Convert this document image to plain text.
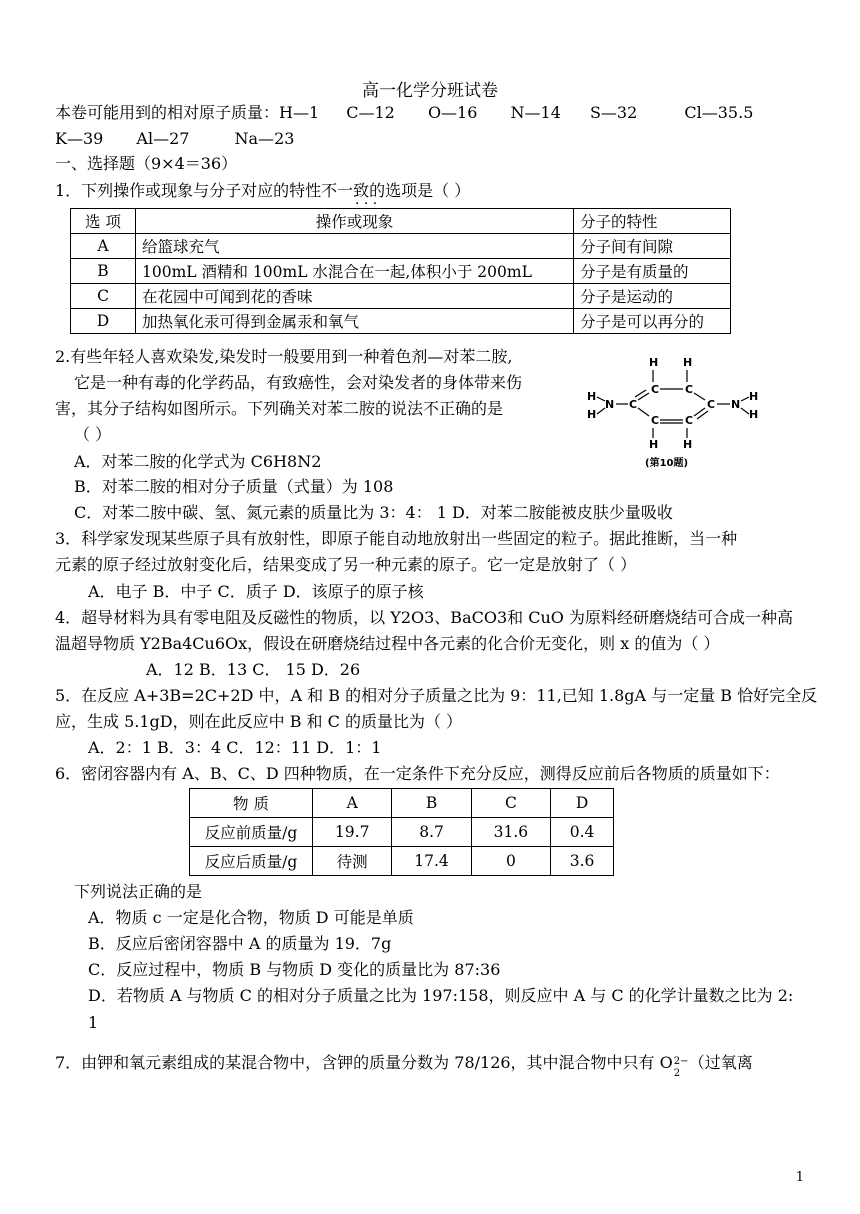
高一化学分班试卷
本卷可能用到的相对原子质量：H—1 C—12 O—16 N—14 S—32	Cl—35.5
K—39 Al—27	Na—23
一、选择题（9×4＝36）
1．下列操作或现象与分子对应的特性不一致的选项是（ ）
· · ·
选 项	操作或现象	分子的特性
A	给篮球充气	分子间有间隙
B	100mL 酒精和 100mL 水混合在一起,体积小于 200mL	分子是有质量的
C	在花园中可闻到花的香味	分子是运动的
D	加热氧化汞可得到金属汞和氧气	分子是可以再分的
2.有些年轻人喜欢染发,染发时一般要用到一种着色剂—对苯二胺,
它是一种有毒的化学药品，有致癌性，会对染发者的身体带来伤
害，其分子结构如图所示。下列确关对苯二胺的说法不正确的是
（ ）
A．对苯二胺的化学式为 C6H8N2
B．对苯二胺的相对分子质量（式量）为 108
C．对苯二胺中碳、氢、氮元素的质量比为 3：4： 1 D．对苯二胺能被皮肤少量吸收
H H
C C
C	C
C C
H H
N
H
H
N
H
H
(第10题)
3．科学家发现某些原子具有放射性，即原子能自动地放射出一些固定的粒子。据此推断，当一种
元素的原子经过放射变化后，结果变成了另一种元素的原子。它一定是放射了（ ）
A．电子 B．中子 C．质子 D．该原子的原子核
4．超导材料为具有零电阻及反磁性的物质，以 Y2O3、BaCO3和 CuO 为原料经研磨烧结可合成一种高
温超导物质 Y2Ba4Cu6Ox，假设在研磨烧结过程中各元素的化合价无变化，则 x 的值为（ ）
A．12 B．13 C． 15 D．26
5．在反应 A+3B=2C+2D 中，A 和 B 的相对分子质量之比为 9：11,已知 1.8gA 与一定量 B 恰好完全反
应，生成 5.1gD，则在此反应中 B 和 C 的质量比为（ ）
A．2：1 B．3：4 C．12：11 D．1：1
6．密闭容器内有 A、B、C、D 四种物质，在一定条件下充分反应，测得反应前后各物质的质量如下：
物 质	A	B	C	D
反应前质量/g	19.7	8.7	31.6	0.4
反应后质量/g	待测	17.4	0	3.6
下列说法正确的是
A．物质 c 一定是化合物，物质 D 可能是单质
B．反应后密闭容器中 A 的质量为 19．7g
C．反应过程中，物质 B 与物质 D 变化的质量比为 87:36
D．若物质 A 与物质 C 的相对分子质量之比为 197:158，则反应中 A 与 C 的化学计量数之比为 2:
1
7．由钾和氧元素组成的某混合物中，含钾的质量分数为 78/126，其中混合物中只有 O 2−
2
（过氧离
1
